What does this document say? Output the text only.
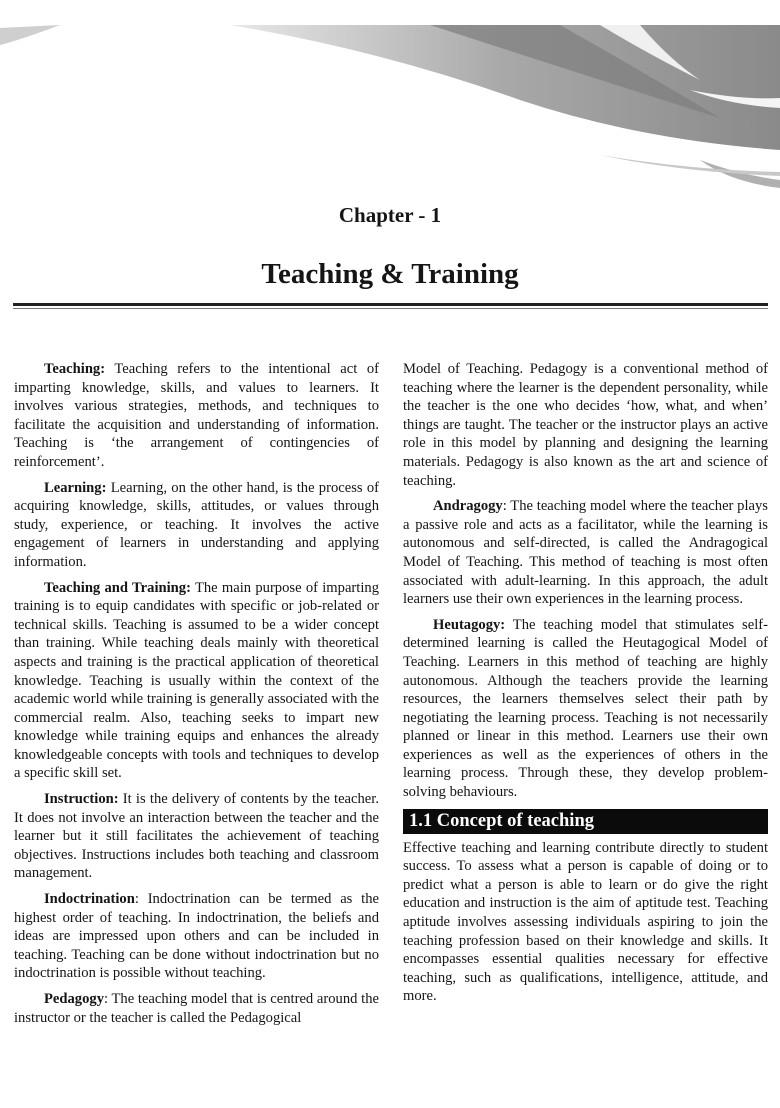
Chapter - 1
Teaching & Training

Teaching: Teaching refers to the intentional act of imparting knowledge, skills, and values to learners. It involves various strategies, methods, and techniques to facilitate the acquisition and understanding of information. Teaching is ‘the arrangement of contingencies of reinforcement’.

Learning: Learning, on the other hand, is the process of acquiring knowledge, skills, attitudes, or values through study, experience, or teaching. It involves the active engagement of learners in understanding and applying information.

Teaching and Training: The main purpose of imparting training is to equip candidates with specific or job-related or technical skills. Teaching is assumed to be a wider concept than training. While teaching deals mainly with theoretical aspects and training is the practical application of theoretical knowledge. Teaching is usually within the context of the academic world while training is generally associated with the commercial realm. Also, teaching seeks to impart new knowledge while training equips and enhances the already knowledgeable concepts with tools and techniques to develop a specific skill set.

Instruction: It is the delivery of contents by the teacher. It does not involve an interaction between the teacher and the learner but it still facilitates the achievement of teaching objectives. Instructions includes both teaching and classroom management.

Indoctrination: Indoctrination can be termed as the highest order of teaching. In indoctrination, the beliefs and ideas are impressed upon others and can be included in teaching. Teaching can be done without indoctrination but no indoctrination is possible without teaching.

Pedagogy: The teaching model that is centred around the instructor or the teacher is called the Pedagogical

Model of Teaching. Pedagogy is a conventional method of teaching where the learner is the dependent personality, while the teacher is the one who decides ‘how, what, and when’ things are taught. The teacher or the instructor plays an active role in this model by planning and designing the learning materials. Pedagogy is also known as the art and science of teaching.

Andragogy: The teaching model where the teacher plays a passive role and acts as a facilitator, while the learning is autonomous and self-directed, is called the Andragogical Model of Teaching. This method of teaching is most often associated with adult-learning. In this approach, the adult learners use their own experiences in the learning process.

Heutagogy: The teaching model that stimulates self-determined learning is called the Heutagogical Model of Teaching. Learners in this method of teaching are highly autonomous. Although the teachers provide the learning resources, the learners themselves select their path by negotiating the learning process. Teaching is not necessarily planned or linear in this method. Learners use their own experiences as well as the experiences of others in the learning process. Through these, they develop problem-solving behaviours.

1.1 Concept of teaching

Effective teaching and learning contribute directly to student success. To assess what a person is capable of doing or to predict what a person is able to learn or do give the right education and instruction is the aim of aptitude test. Teaching aptitude involves assessing individuals aspiring to join the teaching profession based on their knowledge and skills. It encompasses essential qualities necessary for effective teaching, such as qualifications, intelligence, attitude, and more.
